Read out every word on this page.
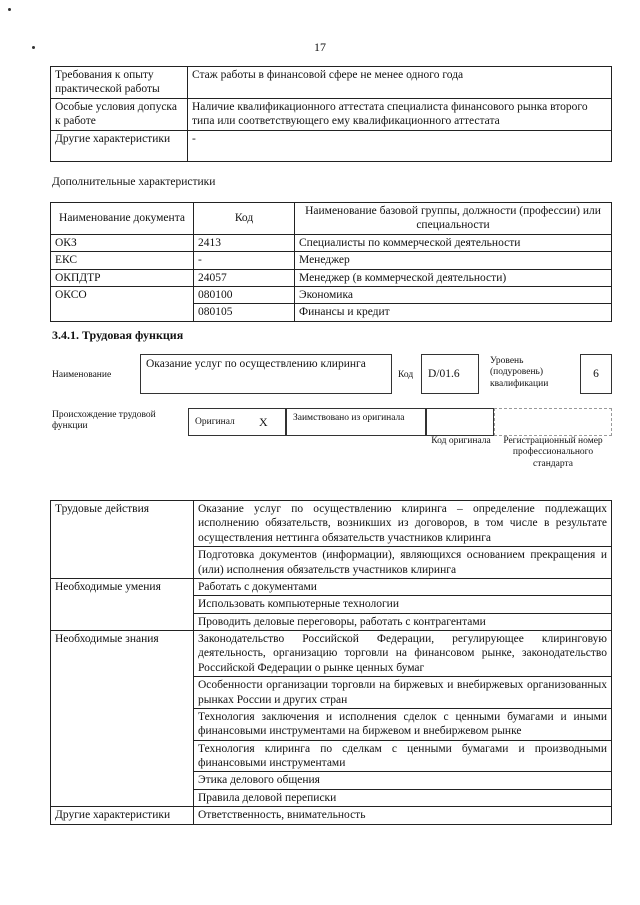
17
Требования к опыту практической работы	Стаж работы в финансовой сфере не менее одного года
Особые условия допуска к работе	Наличие квалификационного аттестата специалиста финансового рынка второго типа или соответствующего ему квалификационного аттестата
Другие характеристики	-
Дополнительные характеристики
Наименование документа	Код	Наименование базовой группы, должности (профессии) или специальности
ОКЗ	2413	Специалисты по коммерческой деятельности
ЕКС	-	Менеджер
ОКПДТР	24057	Менеджер (в коммерческой деятельности)
ОКСО	080100	Экономика
	080105	Финансы и кредит
3.4.1. Трудовая функция
Наименование
Оказание услуг по осуществлению клиринга
Код	D/01.6
Уровень (подуровень) квалификации
6
Происхождение трудовой функции	Оригинал X	Заимствовано из оригинала
Код оригинала	Регистрационный номер профессионального стандарта
Трудовые действия	Оказание услуг по осуществлению клиринга – определение подлежащих исполнению обязательств, возникших из договоров, в том числе в результате осуществления неттинга обязательств участников клиринга
	Подготовка документов (информации), являющихся основанием прекращения и (или) исполнения обязательств участников клиринга
Необходимые умения	Работать с документами
	Использовать компьютерные технологии
	Проводить деловые переговоры, работать с контрагентами
Необходимые знания	Законодательство Российской Федерации, регулирующее клиринговую деятельность, организацию торговли на финансовом рынке, законодательство Российской Федерации о рынке ценных бумаг
	Особенности организации торговли на биржевых и внебиржевых организованных рынках России и других стран
	Технология заключения и исполнения сделок с ценными бумагами и иными финансовыми инструментами на биржевом и внебиржевом рынке
	Технология клиринга по сделкам с ценными бумагами и производными финансовыми инструментами
	Этика делового общения
	Правила деловой переписки
Другие характеристики	Ответственность, внимательность
